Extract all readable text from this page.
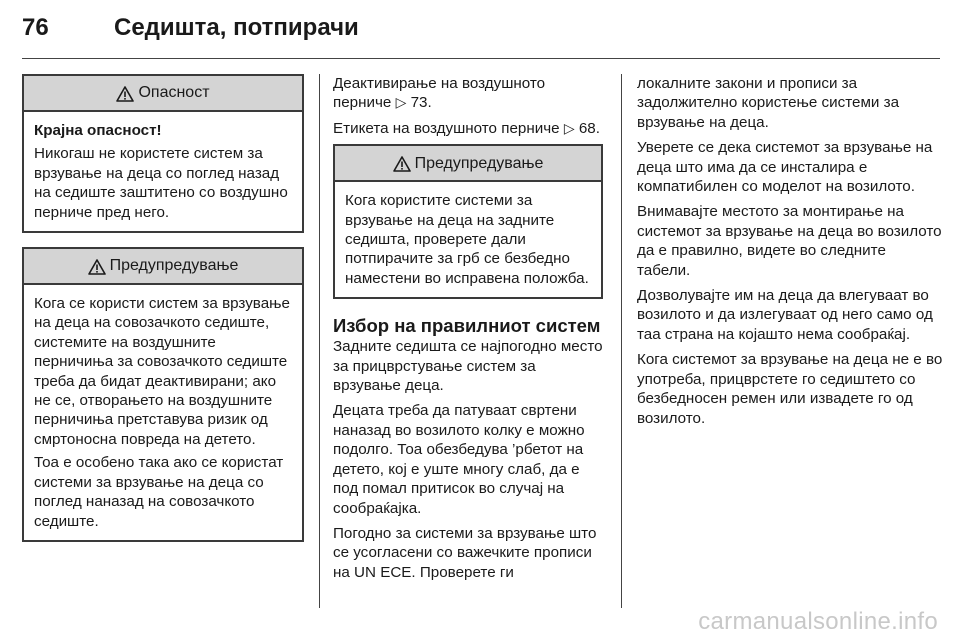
76	Седишта, потпирачи
Опасност

Крајна опасност!

Никогаш не користете систем за врзување на деца со поглед назад на седиште заштитено со воздушно перниче пред него.

Предупредување

Кога се користи систем за врзување на деца на совозачкото седиште, системите на воздушните перничиња за совозачкото седиште треба да бидат деактивирани; ако не се, отворањето на воздушните перничиња претставува ризик од смртоносна повреда на детето.

Тоа е особено така ако се користат системи за врзување на деца со поглед наназад на совозачкото седиште.

Деактивирање на воздушното перниче ▷ 73.

Етикета на воздушното перниче ▷ 68.

Предупредување

Кога користите системи за врзување на деца на задните седишта, проверете дали потпирачите за грб се безбедно наместени во исправена положба.

Избор на правилниот систем

Задните седишта се најпогодно место за прицврстување систем за врзување деца.

Децата треба да патуваат свртени наназад во возилото колку е можно подолго. Тоа обезбедува ’рбетот на детето, кој е уште многу слаб, да е под помал притисок во случај на сообраќајка.

Погодно за системи за врзување што се усогласени со важечките прописи на UN ECE. Проверете ги

локалните закони и прописи за задолжително користење системи за врзување на деца.

Уверете се дека системот за врзување на деца што има да се инсталира е компатибилен со моделот на возилото.

Внимавајте местото за монтирање на системот за врзување на деца во возилото да е правилно, видете во следните табели.

Дозволувајте им на деца да влегуваат во возилото и да излегуваат од него само од таа страна на којашто нема сообраќај.

Кога системот за врзување на деца не е во употреба, прицврстете го седиштето со безбедносен ремен или извадете го од возилото.

carmanualsonline.info
